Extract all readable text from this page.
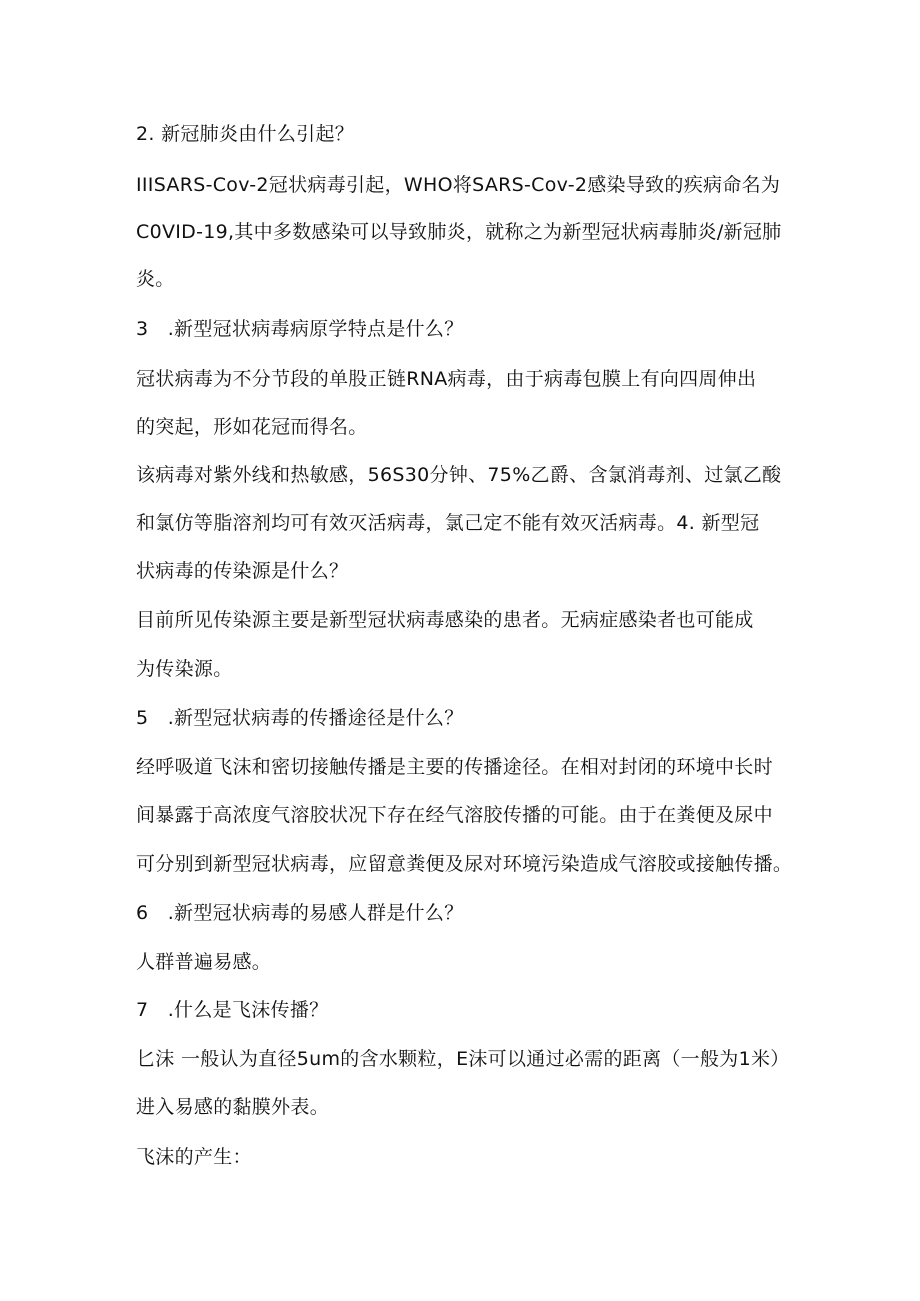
2. 新冠肺炎由什么引起？
IIISARS-Cov-2冠状病毒引起，WHO将SARS-Cov-2感染导致的疾病命名为
C0VID-19,其中多数感染可以导致肺炎，就称之为新型冠状病毒肺炎/新冠肺
炎。
3　.新型冠状病毒病原学特点是什么？
冠状病毒为不分节段的单股正链RNA病毒，由于病毒包膜上有向四周伸出
的突起，形如花冠而得名。
该病毒对紫外线和热敏感，56S30分钟、75%乙爵、含氯消毒剂、过氯乙酸
和氯仿等脂溶剂均可有效灭活病毒，氯己定不能有效灭活病毒。4. 新型冠
状病毒的传染源是什么？
目前所见传染源主要是新型冠状病毒感染的患者。无病症感染者也可能成
为传染源。
5　.新型冠状病毒的传播途径是什么？
经呼吸道飞沫和密切接触传播是主要的传播途径。在相对封闭的环境中长时
间暴露于高浓度气溶胶状况下存在经气溶胶传播的可能。由于在粪便及尿中
可分别到新型冠状病毒，应留意粪便及尿对环境污染造成气溶胶或接触传播。
6　.新型冠状病毒的易感人群是什么？
人群普遍易感。
7　.什么是飞沫传播？
匕沫 一般认为直径5um的含水颗粒，E沫可以通过必需的距离（一般为1米）
进入易感的黏膜外表。
飞沫的产生：
